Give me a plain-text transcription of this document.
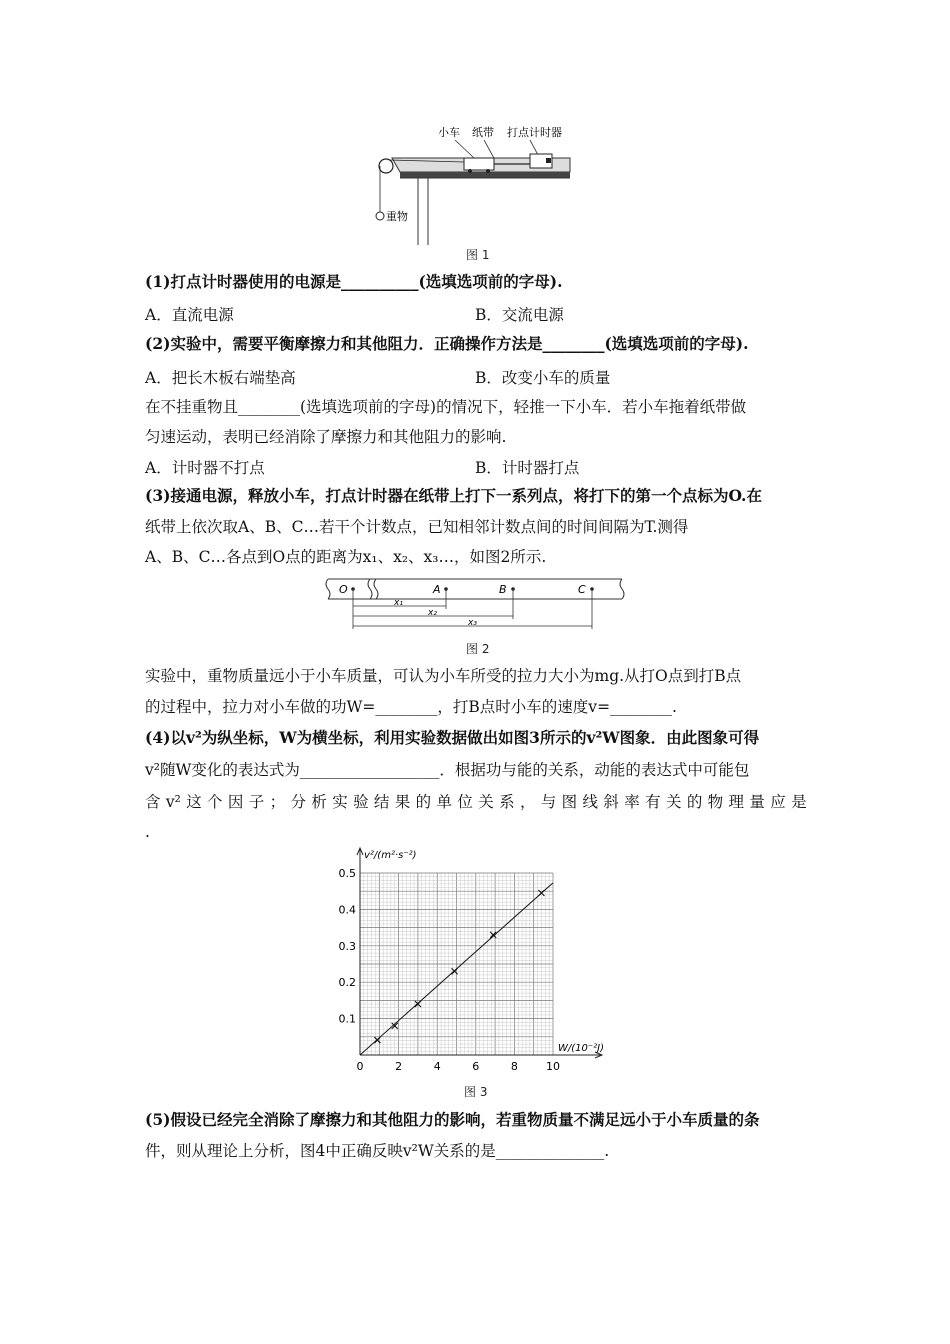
小车 纸带 打点计时器
重物
图 1
(1)打点计时器使用的电源是__________(选填选项前的字母).
A．直流电源	B．交流电源
(2)实验中，需要平衡摩擦力和其他阻力．正确操作方法是________(选填选项前的字母).
A．把长木板右端垫高	B．改变小车的质量
在不挂重物且________(选填选项前的字母)的情况下，轻推一下小车．若小车拖着纸带做
匀速运动，表明已经消除了摩擦力和其他阻力的影响.
A．计时器不打点	B．计时器打点
(3)接通电源，释放小车，打点计时器在纸带上打下一系列点，将打下的第一个点标为O.在
纸带上依次取A、B、C…若干个计数点，已知相邻计数点间的时间间隔为T.测得
A、B、C…各点到O点的距离为x₁、x₂、x₃…，如图2所示.
O	A	B	C
x₁
x₂
x₃
图 2
实验中，重物质量远小于小车质量，可认为小车所受的拉力大小为mg.从打O点到打B点
的过程中，拉力对小车做的功W=________，打B点时小车的速度v=________.
(4)以v²为纵坐标，W为横坐标，利用实验数据做出如图3所示的v²W图象．由此图象可得
v²随W变化的表达式为__________________．根据功与能的关系，动能的表达式中可能包
含 v² 这 个 因 子 ； 分 析 实 验 结 果 的 单 位 关 系 ， 与 图 线 斜 率 有 关 的 物 理 量 应 是
.
0	2	4	6	8	10
0.1
0.2
0.3
0.4
0.5
W/(10⁻²J)
v²/(m²·s⁻²)
图 3
(5)假设已经完全消除了摩擦力和其他阻力的影响，若重物质量不满足远小于小车质量的条
件，则从理论上分析，图4中正确反映v²W关系的是______________.
